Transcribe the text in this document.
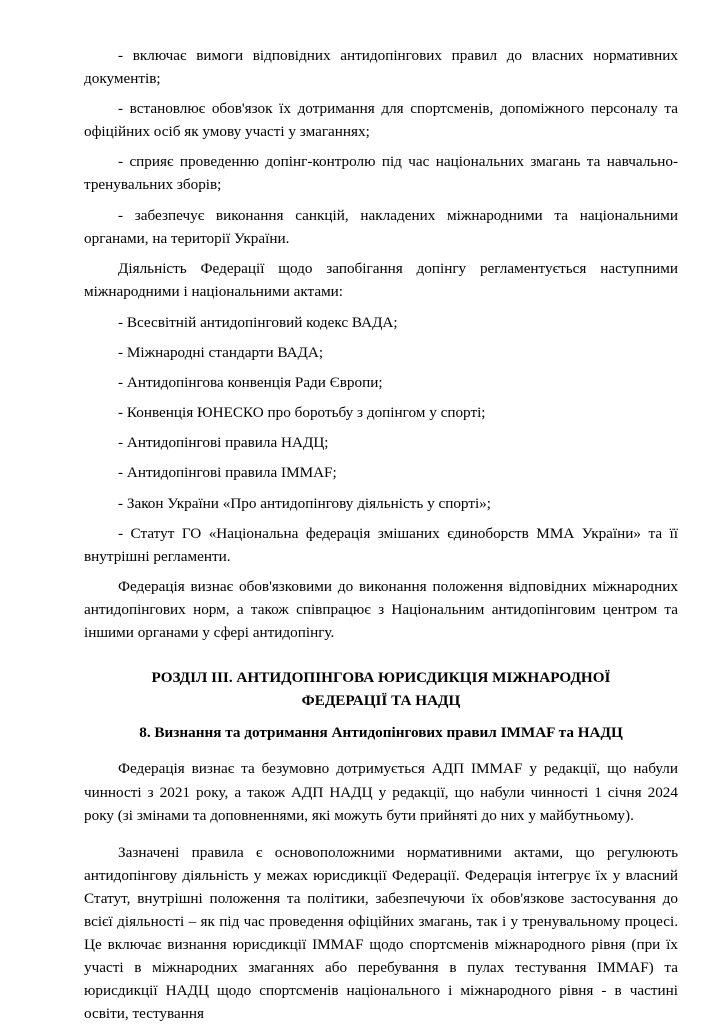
- включає вимоги відповідних антидопінгових правил до власних нормативних документів;

- встановлює обов'язок їх дотримання для спортсменів, допоміжного персоналу та офіційних осіб як умову участі у змаганнях;

- сприяє проведенню допінг-контролю під час національних змагань та навчально-тренувальних зборів;

- забезпечує виконання санкцій, накладених міжнародними та національними органами, на території України.

Діяльність Федерації щодо запобігання допінгу регламентується наступними міжнародними і національними актами:

- Всесвітній антидопінговий кодекс ВАДА;

- Міжнародні стандарти ВАДА;

- Антидопінгова конвенція Ради Європи;

- Конвенція ЮНЕСКО про боротьбу з допінгом у спорті;

- Антидопінгові правила НАДЦ;

- Антидопінгові правила IMMAF;

- Закон України «Про антидопінгову діяльність у спорті»;

- Статут ГО «Національна федерація змішаних єдиноборств ММА України» та її внутрішні регламенти.

Федерація визнає обов'язковими до виконання положення відповідних міжнародних антидопінгових норм, а також співпрацює з Національним антидопінговим центром та іншими органами у сфері антидопінгу.

РОЗДІЛ III. АНТИДОПІНГОВА ЮРИСДИКЦІЯ МІЖНАРОДНОЇ

ФЕДЕРАЦІЇ ТА НАДЦ

8. Визнання та дотримання Антидопінгових правил IMMAF та НАДЦ

Федерація визнає та безумовно дотримується АДП IMMAF у редакції, що набули чинності з 2021 року, а також АДП НАДЦ у редакції, що набули чинності 1 січня 2024 року (зі змінами та доповненнями, які можуть бути прийняті до них у майбутньому).

Зазначені правила є основоположними нормативними актами, що регулюють антидопінгову діяльність у межах юрисдикції Федерації. Федерація інтегрує їх у власний Статут, внутрішні положення та політики, забезпечуючи їх обов'язкове застосування до всієї діяльності – як під час проведення офіційних змагань, так і у тренувальному процесі. Це включає визнання юрисдикції IMMAF щодо спортсменів міжнародного рівня (при їх участі в міжнародних змаганнях або перебування в пулах тестування IMMAF) та юрисдикції НАДЦ щодо спортсменів національного і міжнародного рівня - в частині освіти, тестування
